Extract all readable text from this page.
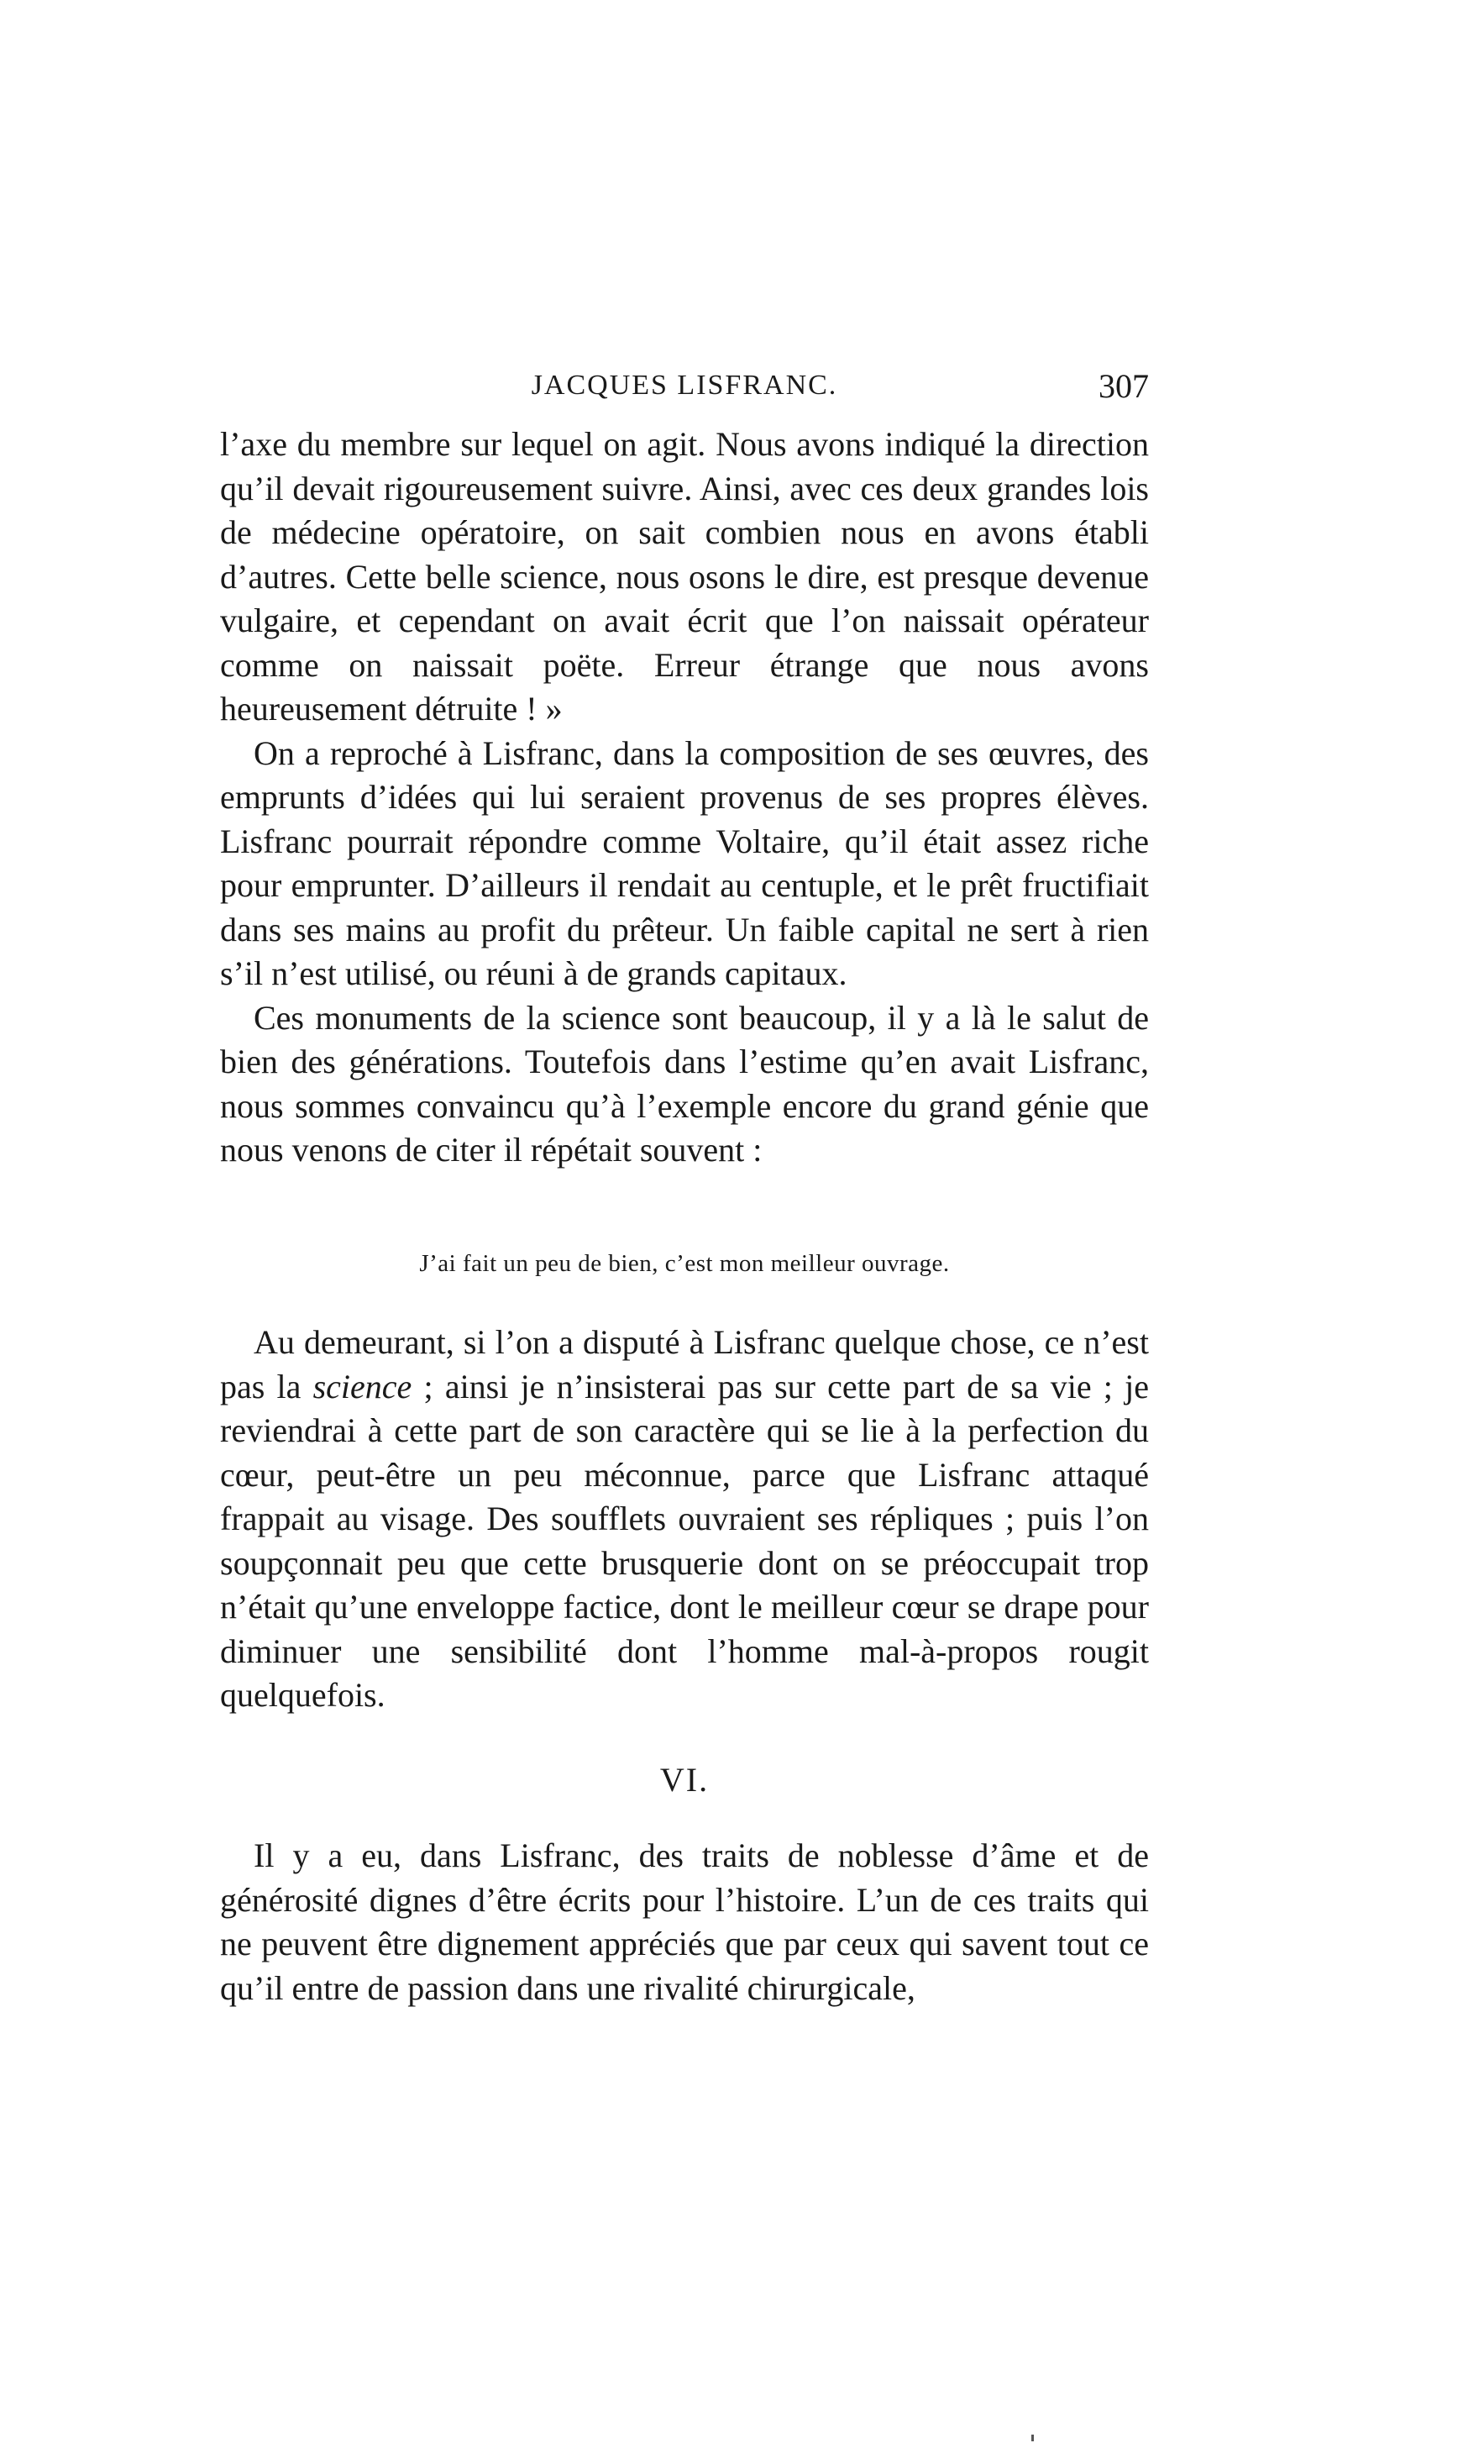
JACQUES LISFRANC.	307

l’axe du membre sur lequel on agit. Nous avons indiqué la direction qu’il devait rigoureusement suivre. Ainsi, avec ces deux grandes lois de médecine opératoire, on sait combien nous en avons établi d’autres. Cette belle science, nous osons le dire, est presque devenue vulgaire, et cependant on avait écrit que l’on naissait opérateur comme on naissait poëte. Erreur étrange que nous avons heureusement détruite ! »

On a reproché à Lisfranc, dans la composition de ses œuvres, des emprunts d’idées qui lui seraient provenus de ses propres élèves. Lisfranc pourrait répondre comme Voltaire, qu’il était assez riche pour emprunter. D’ailleurs il rendait au centuple, et le prêt fructifiait dans ses mains au profit du prêteur. Un faible capital ne sert à rien s’il n’est utilisé, ou réuni à de grands capitaux.

Ces monuments de la science sont beaucoup, il y a là le salut de bien des générations. Toutefois dans l’estime qu’en avait Lisfranc, nous sommes convaincu qu’à l’exemple encore du grand génie que nous venons de citer il répétait souvent :

J’ai fait un peu de bien, c’est mon meilleur ouvrage.

Au demeurant, si l’on a disputé à Lisfranc quelque chose, ce n’est pas la science ; ainsi je n’insisterai pas sur cette part de sa vie ; je reviendrai à cette part de son caractère qui se lie à la perfection du cœur, peut-être un peu méconnue, parce que Lisfranc attaqué frappait au visage. Des soufflets ouvraient ses répliques ; puis l’on soupçonnait peu que cette brusquerie dont on se préoccupait trop n’était qu’une enveloppe factice, dont le meilleur cœur se drape pour diminuer une sensibilité dont l’homme mal-à-propos rougit quelquefois.

VI.

Il y a eu, dans Lisfranc, des traits de noblesse d’âme et de générosité dignes d’être écrits pour l’histoire. L’un de ces traits qui ne peuvent être dignement appréciés que par ceux qui savent tout ce qu’il entre de passion dans une rivalité chirurgicale,
